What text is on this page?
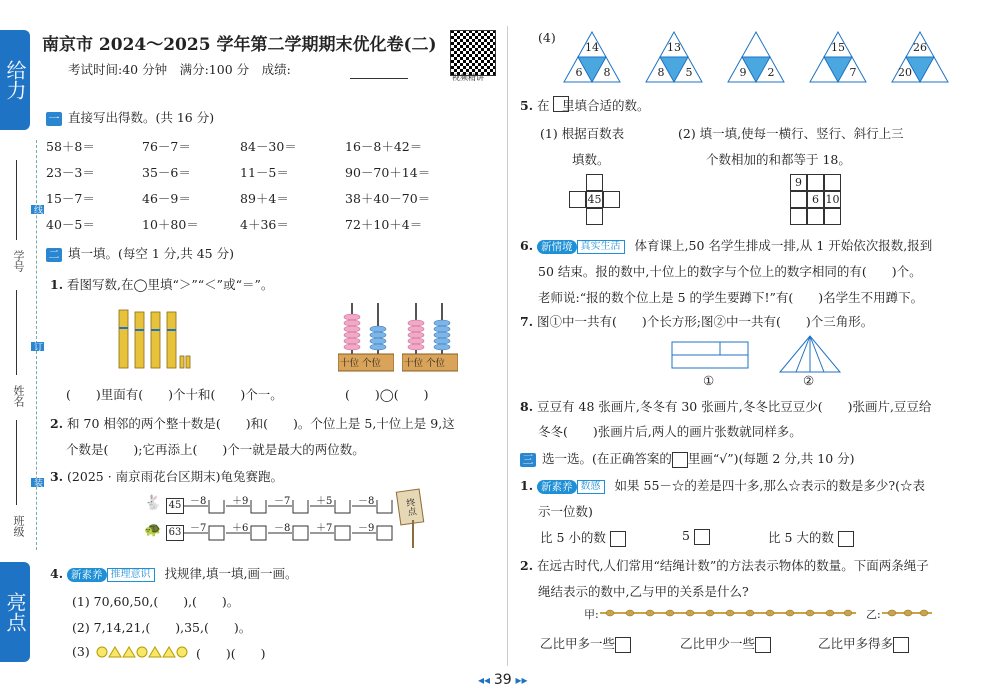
给力
亮点
学号
姓名
班级
线
订
装
南京市 2024～2025 学年第二学期期末优化卷(二)
考试时间:40 分钟　满分:100 分　成绩:
视频精讲
一 直接写出得数。(共 16 分)
58＋8＝	76－7＝	84－30＝	16－8＋42＝
23－3＝	35－6＝	11－5＝	90－70＋14＝
15－7＝	46－9＝	89＋4＝	38＋40－70＝
40－5＝	10＋80＝	4＋36＝	72＋10＋4＝
二 填一填。(每空 1 分,共 45 分)
1. 看图写数,在◯里填“＞”“＜”或“＝”。
十位 个位 十位 个位
(　　)里面有(　　)个十和(　　)个一。	(　　)◯(　　)
2. 和 70 相邻的两个整十数是(　　)和(　　)。个位上是 5,十位上是 9,这
个数是(　　);它再添上(　　)个一就是最大的两位数。
3. (2025 · 南京雨花台区期末)龟兔赛跑。
🐇
🐢
45
63
－8	＋9	－7	＋5	－8
－7	＋6	－8	＋7	－9
终点
4. 新素养 推理意识 找规律,填一填,画一画。
(1) 70,60,50,(　　),(　　)。
(2) 7,14,21,(　　),35,(　　)。
(3)	(　　)(　　)
(4)
14
6	8
13
8	5	9	2
15
7
26
20
5. 在　里填合适的数。
(1) 根据百数表
填数。
(2) 填一填,使每一横行、竖行、斜行上三
个数相加的和都等于 18。
45
9
6 10
6. 新情境 真实生活 体育课上,50 名学生排成一排,从 1 开始依次报数,报到
50 结束。报的数中,十位上的数字与个位上的数字相同的有(　　)个。
老师说:“报的数个位上是 5 的学生要蹲下!”有(　　)名学生不用蹲下。
7. 图①中一共有(　　)个长方形;图②中一共有(　　)个三角形。
①	②
8. 豆豆有 48 张画片,冬冬有 30 张画片,冬冬比豆豆少(　　)张画片,豆豆给
冬冬(　　)张画片后,两人的画片张数就同样多。
三 选一选。(在正确答案的 里画“√”)(每题 2 分,共 10 分)
1. 新素养 数感 如果 55－☆的差是四十多,那么☆表示的数是多少?(☆表
示一位数)
比 5 小的数	5	比 5 大的数
2. 在远古时代,人们常用“结绳计数”的方法表示物体的数量。下面两条绳子
绳结表示的数中,乙与甲的关系是什么?
甲:	乙:
乙比甲多一些	乙比甲少一些	乙比甲多得多
◂◂ 39 ▸▸
